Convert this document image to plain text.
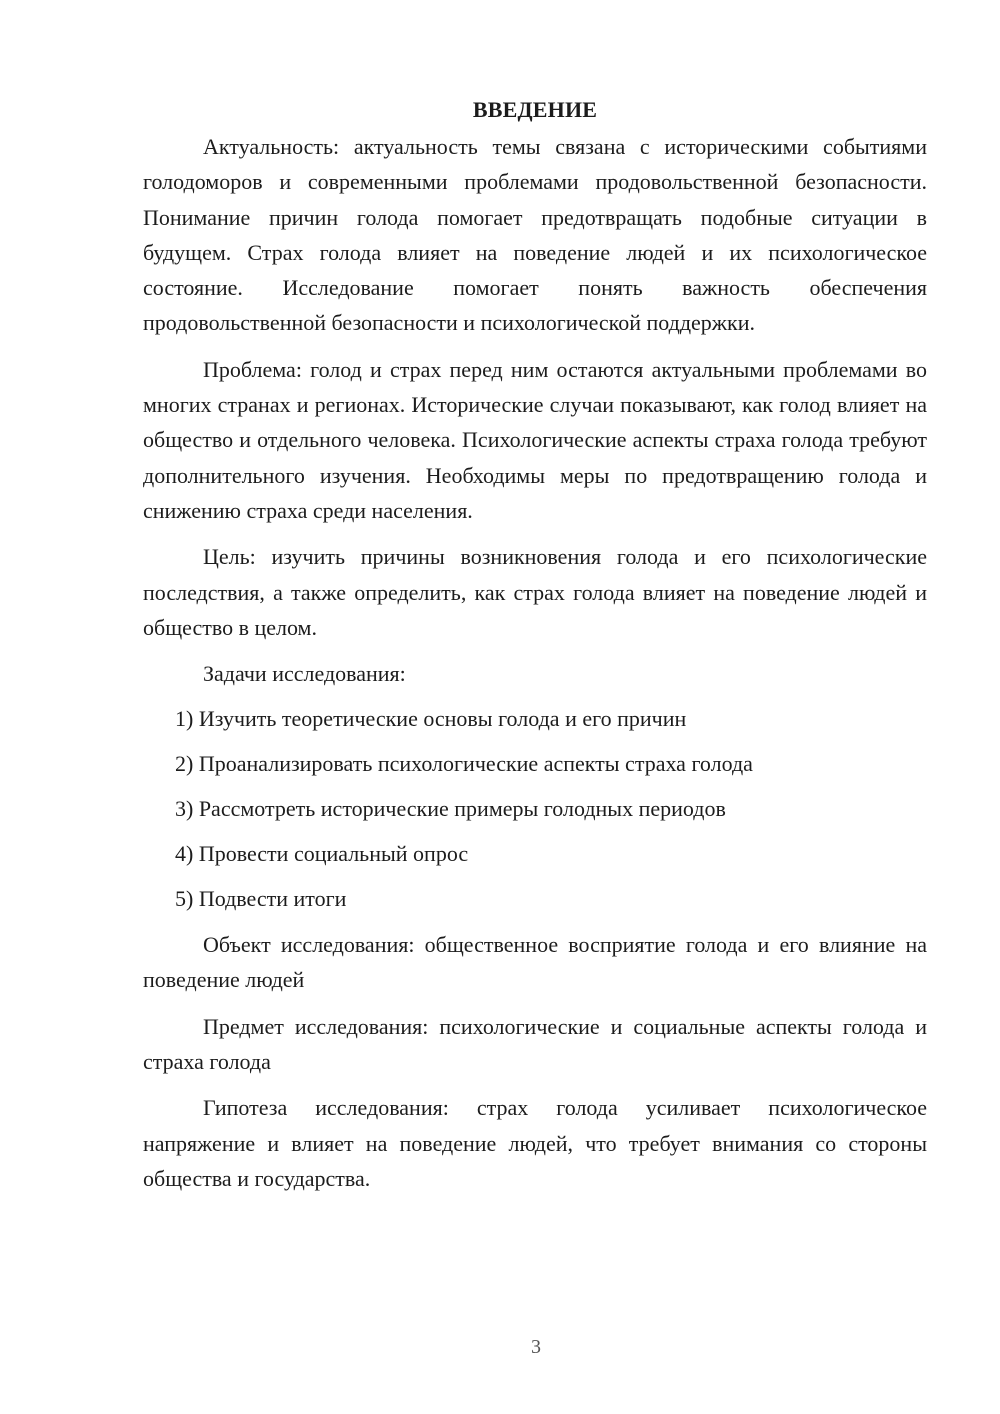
ВВЕДЕНИЕ

Актуальность: актуальность темы связана с историческими событиями голодоморов и современными проблемами продовольственной безопасности. Понимание причин голода помогает предотвращать подобные ситуации в будущем. Страх голода влияет на поведение людей и их психологическое состояние. Исследование помогает понять важность обеспечения продовольственной безопасности и психологической поддержки.

Проблема: голод и страх перед ним остаются актуальными проблемами во многих странах и регионах. Исторические случаи показывают, как голод влияет на общество и отдельного человека. Психологические аспекты страха голода требуют дополнительного изучения. Необходимы меры по предотвращению голода и снижению страха среди населения.

Цель: изучить причины возникновения голода и его психологические последствия, а также определить, как страх голода влияет на поведение людей и общество в целом.

Задачи исследования:

1) Изучить теоретические основы голода и его причин
2) Проанализировать психологические аспекты страха голода
3) Рассмотреть исторические примеры голодных периодов
4) Провести социальный опрос
5) Подвести итоги

Объект исследования: общественное восприятие голода и его влияние на поведение людей

Предмет исследования: психологические и социальные аспекты голода и страха голода

Гипотеза исследования: страх голода усиливает психологическое напряжение и влияет на поведение людей, что требует внимания со стороны общества и государства.

3
